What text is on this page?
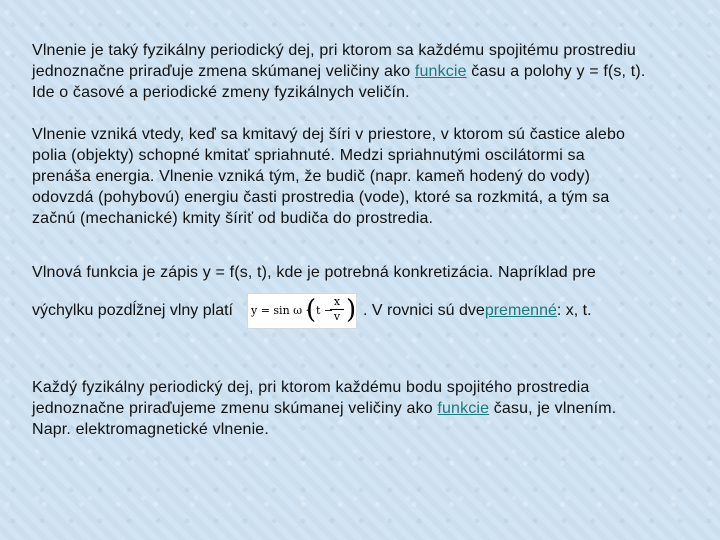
Vlnenie je taký fyzikálny periodický dej, pri ktorom sa každému spojitému prostrediu
jednoznačne priraďuje zmena skúmanej veličiny ako funkcie času a polohy y = f(s, t).
Ide o časové a periodické zmeny fyzikálnych veličín.

Vlnenie vzniká vtedy, keď sa kmitavý dej šíri v priestore, v ktorom sú častice alebo
polia (objekty) schopné kmitať spriahnuté. Medzi spriahnutými oscilátormi sa
prenáša energia. Vlnenie vzniká tým, že budič (napr. kameň hodený do vody)
odovzdá (pohybovú) energiu časti prostredia (vode), ktoré sa rozkmitá, a tým sa
začnú (mechanické) kmity šíriť od budiča do prostredia.

Vlnová funkcia je zápis y = f(s, t), kde je potrebná konkretizácia. Napríklad pre

výchylku pozdĺžnej vlny platí y = sin ω ·
( t −
$\frac{x}{v}$ ) . V rovnici sú dve premenné : x, t.

Každý fyzikálny periodický dej, pri ktorom každému bodu spojitého prostredia
jednoznačne priraďujeme zmenu skúmanej veličiny ako funkcie času, je vlnením.
Napr. elektromagnetické vlnenie.
